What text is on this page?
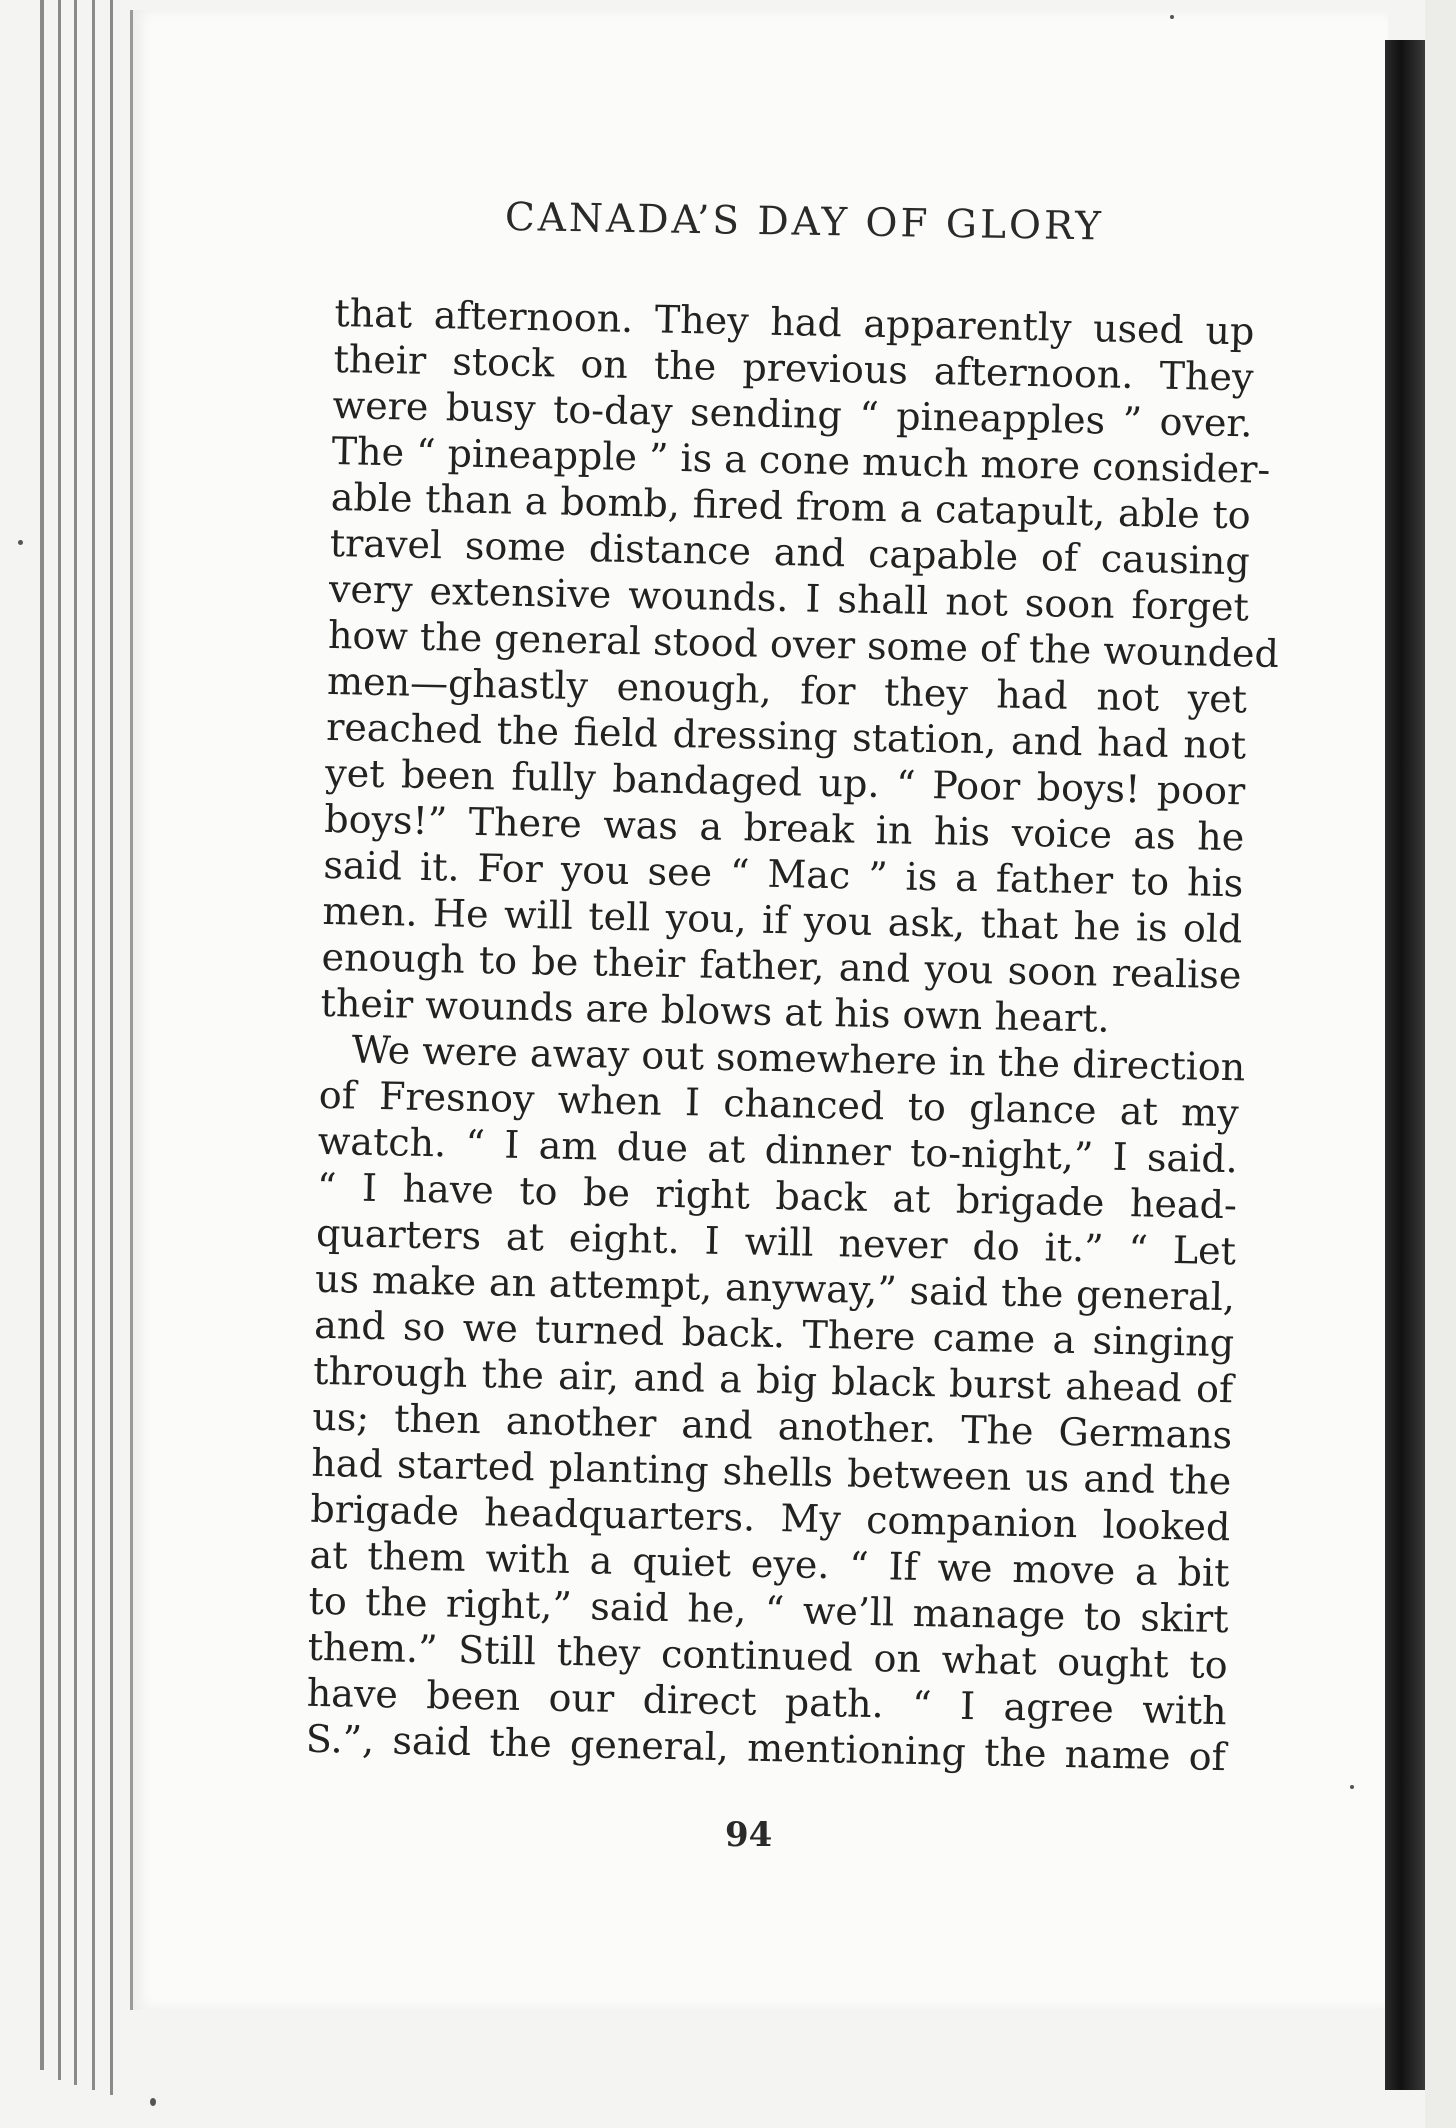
CANADA’S DAY OF GLORY
that afternoon. They had apparently used up
their stock on the previous afternoon. They
were busy to-day sending “ pineapples ” over.
The “ pineapple ” is a cone much more consider-
able than a bomb, fired from a catapult, able to
travel some distance and capable of causing
very extensive wounds. I shall not soon forget
how the general stood over some of the wounded
men—ghastly enough, for they had not yet
reached the field dressing station, and had not
yet been fully bandaged up. “ Poor boys! poor
boys!” There was a break in his voice as he
said it. For you see “ Mac ” is a father to his
men. He will tell you, if you ask, that he is old
enough to be their father, and you soon realise
their wounds are blows at his own heart.
We were away out somewhere in the direction
of Fresnoy when I chanced to glance at my
watch. “ I am due at dinner to-night,” I said.
“ I have to be right back at brigade head-
quarters at eight. I will never do it.” “ Let
us make an attempt, anyway,” said the general,
and so we turned back. There came a singing
through the air, and a big black burst ahead of
us; then another and another. The Germans
had started planting shells between us and the
brigade headquarters. My companion looked
at them with a quiet eye. “ If we move a bit
to the right,” said he, “ we’ll manage to skirt
them.” Still they continued on what ought to
have been our direct path. “ I agree with
S.”, said the general, mentioning the name of
94
